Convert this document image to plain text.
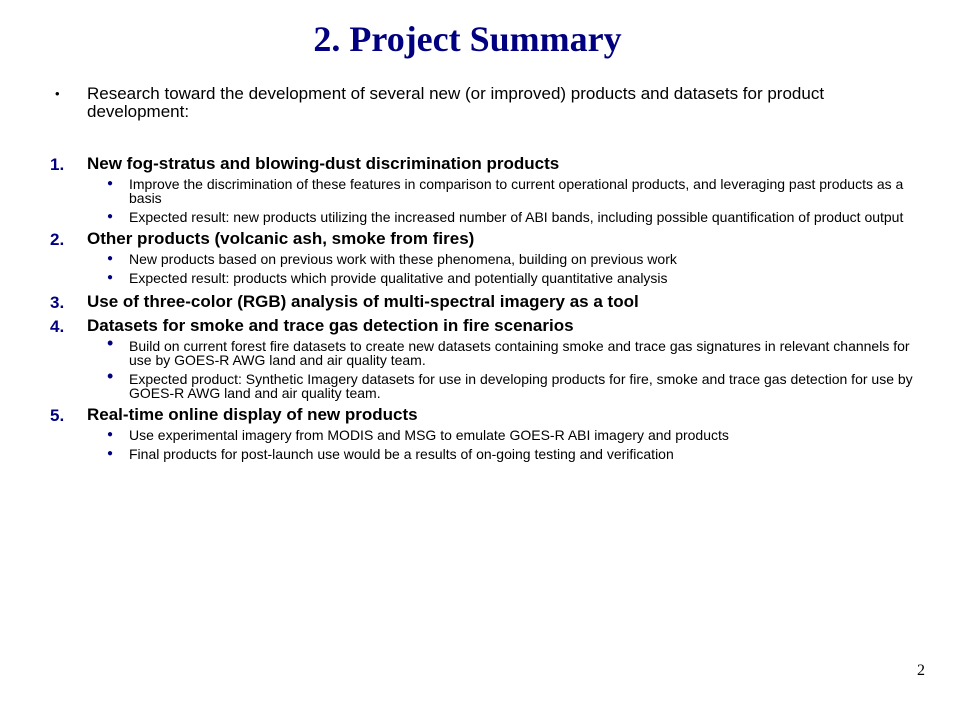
2. Project Summary
• Research toward the development of several new (or improved) products and datasets for product development:
1. New fog-stratus and blowing-dust discrimination products
● Improve the discrimination of these features in comparison to current operational products, and leveraging past products as a basis
● Expected result: new products utilizing the increased number of ABI bands, including possible quantification of product output
2. Other products (volcanic ash, smoke from fires)
● New products based on previous work with these phenomena, building on previous work
● Expected result: products which provide qualitative and potentially quantitative analysis
3. Use of three-color (RGB) analysis of multi-spectral imagery as a tool
4. Datasets for smoke and trace gas detection in fire scenarios
• Build on current forest fire datasets to create new datasets containing smoke and trace gas signatures in relevant channels for use by GOES-R AWG land and air quality team.
• Expected product: Synthetic Imagery datasets for use in developing products for fire, smoke and trace gas detection for use by GOES-R AWG land and air quality team.
5. Real-time online display of new products
● Use experimental imagery from MODIS and MSG to emulate GOES-R ABI imagery and products
● Final products for post-launch use would be a results of on-going testing and verification
2
